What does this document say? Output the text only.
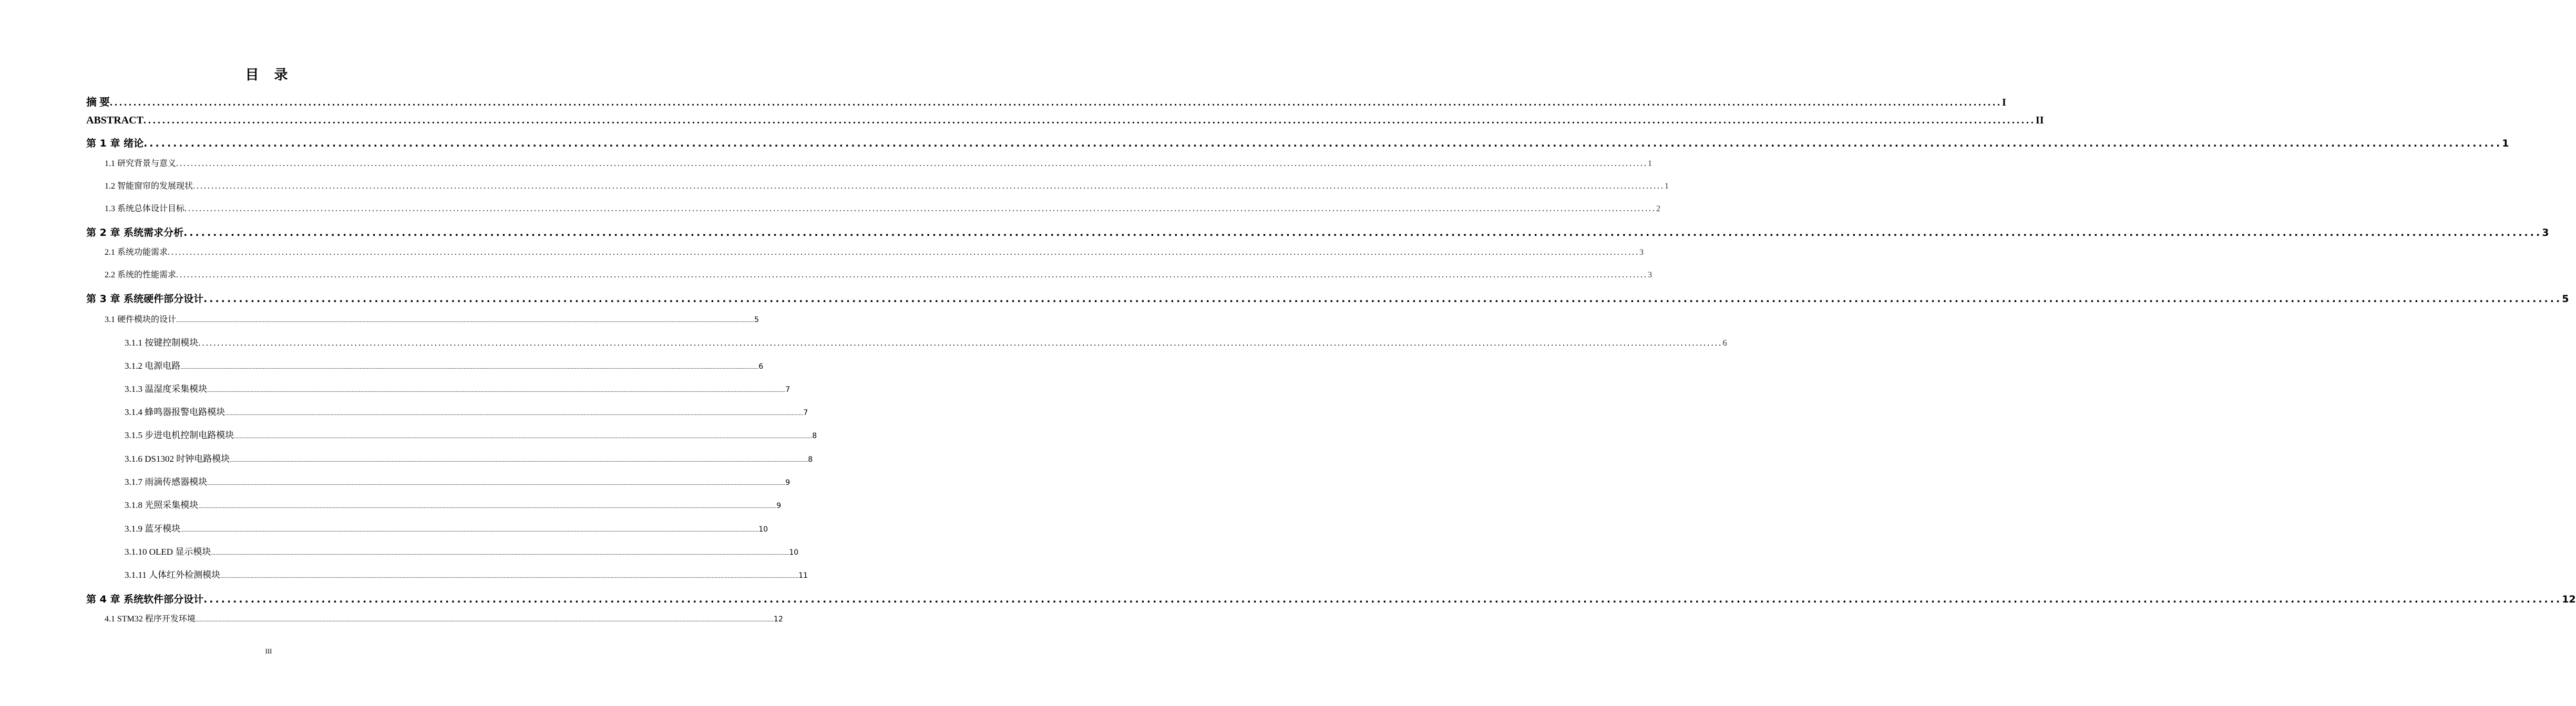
目 录
摘 要 ................................................................................................................................................................................................................................................................................................................................................................................................................ I
ABSTRACT ................................................................................................................................................................................................................................................................................................................................................................................................................ II
第 1 章 绪论 ................................................................................................................................................................................................................................................................................................................................................................................................................ 1
1.1 研究背景与意义 ................................................................................................................................................................................................................................................................................................................................................................................................................ 1
1.2 智能窗帘的发展现状 ................................................................................................................................................................................................................................................................................................................................................................................................................ 1
1.3 系统总体设计目标 ................................................................................................................................................................................................................................................................................................................................................................................................................ 2
第 2 章 系统需求分析 ................................................................................................................................................................................................................................................................................................................................................................................................................ 3
2.1 系统功能需求 ................................................................................................................................................................................................................................................................................................................................................................................................................ 3
2.2 系统的性能需求 ................................................................................................................................................................................................................................................................................................................................................................................................................ 3
第 3 章 系统硬件部分设计 ................................................................................................................................................................................................................................................................................................................................................................................................................ 5
3.1 硬件模块的设计 ................................................................................................................................................................................................................................................................................................................................................................................................................ 5
3.1.1 按键控制模块 ................................................................................................................................................................................................................................................................................................................................................................................................................ 6
3.1.2 电源电路 ................................................................................................................................................................................................................................................................................................................................................................................................................ 6
3.1.3 温湿度采集模块 ................................................................................................................................................................................................................................................................................................................................................................................................................ 7
3.1.4 蜂鸣器报警电路模块 ................................................................................................................................................................................................................................................................................................................................................................................................................ 7
3.1.5 步进电机控制电路模块 ................................................................................................................................................................................................................................................................................................................................................................................................................ 8
3.1.6 DS1302 时钟电路模块 ................................................................................................................................................................................................................................................................................................................................................................................................................ 8
3.1.7 雨滴传感器模块 ................................................................................................................................................................................................................................................................................................................................................................................................................ 9
3.1.8 光照采集模块 ................................................................................................................................................................................................................................................................................................................................................................................................................ 9
3.1.9 蓝牙模块 ................................................................................................................................................................................................................................................................................................................................................................................................................ 10
3.1.10 OLED 显示模块 ................................................................................................................................................................................................................................................................................................................................................................................................................ 10
3.1.11 人体红外检测模块 ................................................................................................................................................................................................................................................................................................................................................................................................................ 11
第 4 章 系统软件部分设计 ................................................................................................................................................................................................................................................................................................................................................................................................................ 12
4.1 STM32 程序开发环境 ................................................................................................................................................................................................................................................................................................................................................................................................................ 12
III
